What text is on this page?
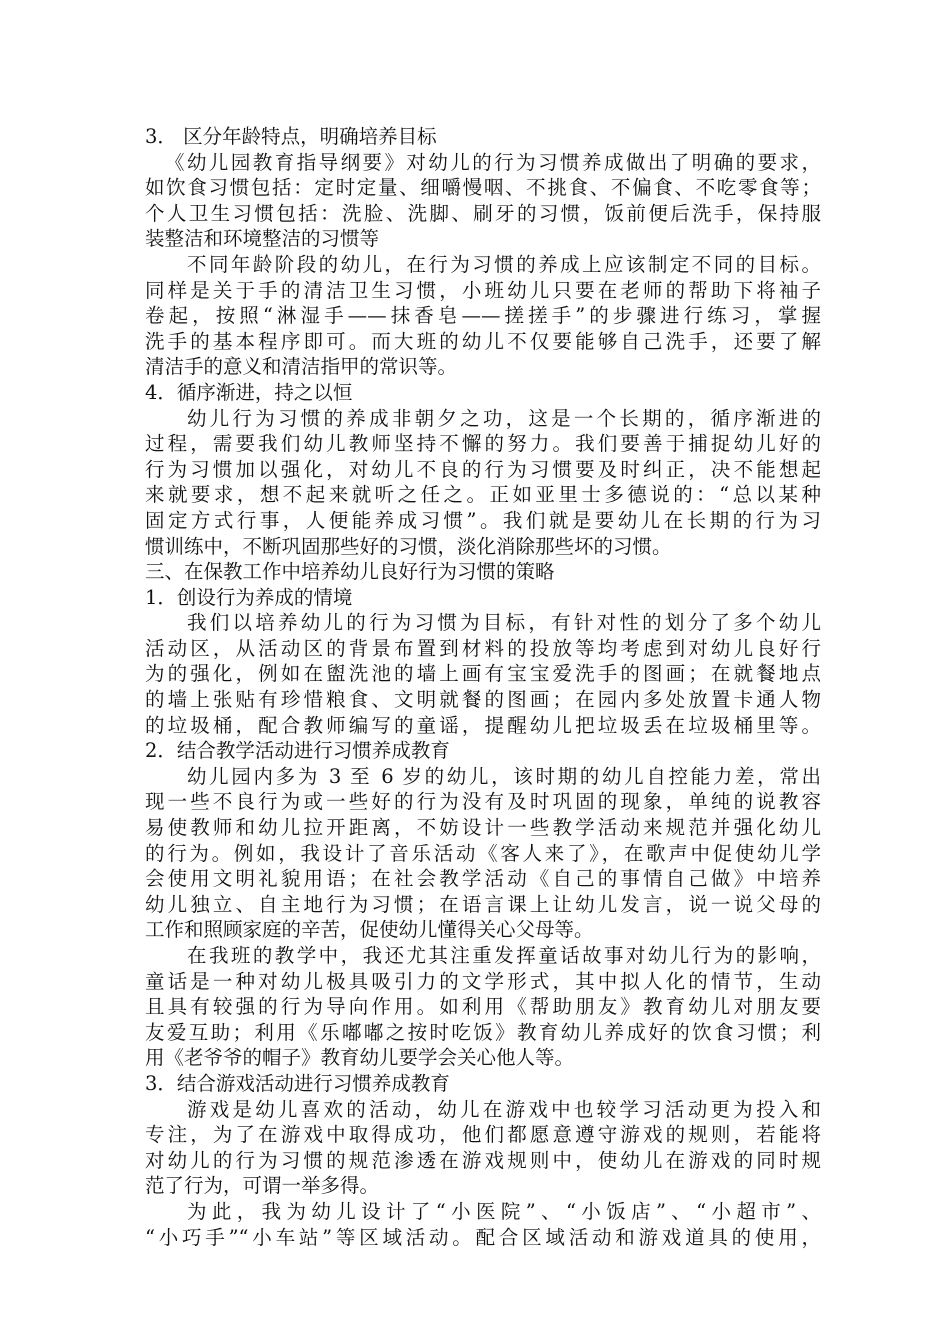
3． 区分年龄特点，明确培养目标
《幼儿园教育指导纲要》对幼儿的行为习惯养成做出了明确的要求，
如饮食习惯包括：定时定量、细嚼慢咽、不挑食、不偏食、不吃零食等；
个人卫生习惯包括：洗脸、洗脚、刷牙的习惯，饭前便后洗手，保持服
装整洁和环境整洁的习惯等
不同年龄阶段的幼儿，在行为习惯的养成上应该制定不同的目标。
同样是关于手的清洁卫生习惯，小班幼儿只要在老师的帮助下将袖子
卷起，按照“淋湿手——抹香皂——搓搓手”的步骤进行练习，掌握
洗手的基本程序即可。而大班的幼儿不仅要能够自己洗手，还要了解
清洁手的意义和清洁指甲的常识等。
4．循序渐进，持之以恒
幼儿行为习惯的养成非朝夕之功，这是一个长期的，循序渐进的
过程，需要我们幼儿教师坚持不懈的努力。我们要善于捕捉幼儿好的
行为习惯加以强化，对幼儿不良的行为习惯要及时纠正，决不能想起
来就要求，想不起来就听之任之。正如亚里士多德说的：“总以某种
固定方式行事，人便能养成习惯”。我们就是要幼儿在长期的行为习
惯训练中，不断巩固那些好的习惯，淡化消除那些坏的习惯。
三、在保教工作中培养幼儿良好行为习惯的策略
1．创设行为养成的情境
我们以培养幼儿的行为习惯为目标，有针对性的划分了多个幼儿
活动区，从活动区的背景布置到材料的投放等均考虑到对幼儿良好行
为的强化，例如在盥洗池的墙上画有宝宝爱洗手的图画；在就餐地点
的墙上张贴有珍惜粮食、文明就餐的图画；在园内多处放置卡通人物
的垃圾桶，配合教师编写的童谣，提醒幼儿把垃圾丢在垃圾桶里等。
2．结合教学活动进行习惯养成教育
幼儿园内多为 3 至 6 岁的幼儿，该时期的幼儿自控能力差，常出
现一些不良行为或一些好的行为没有及时巩固的现象，单纯的说教容
易使教师和幼儿拉开距离，不妨设计一些教学活动来规范并强化幼儿
的行为。例如，我设计了音乐活动《客人来了》，在歌声中促使幼儿学
会使用文明礼貌用语；在社会教学活动《自己的事情自己做》中培养
幼儿独立、自主地行为习惯；在语言课上让幼儿发言，说一说父母的
工作和照顾家庭的辛苦，促使幼儿懂得关心父母等。
在我班的教学中，我还尤其注重发挥童话故事对幼儿行为的影响，
童话是一种对幼儿极具吸引力的文学形式，其中拟人化的情节，生动
且具有较强的行为导向作用。如利用《帮助朋友》教育幼儿对朋友要
友爱互助；利用《乐嘟嘟之按时吃饭》教育幼儿养成好的饮食习惯；利
用《老爷爷的帽子》教育幼儿要学会关心他人等。
3．结合游戏活动进行习惯养成教育
游戏是幼儿喜欢的活动，幼儿在游戏中也较学习活动更为投入和
专注，为了在游戏中取得成功，他们都愿意遵守游戏的规则，若能将
对幼儿的行为习惯的规范渗透在游戏规则中，使幼儿在游戏的同时规
范了行为，可谓一举多得。
为此，我为幼儿设计了“小医院”、“小饭店”、“小超市”、
“小巧手”“小车站”等区域活动。配合区域活动和游戏道具的使用，
